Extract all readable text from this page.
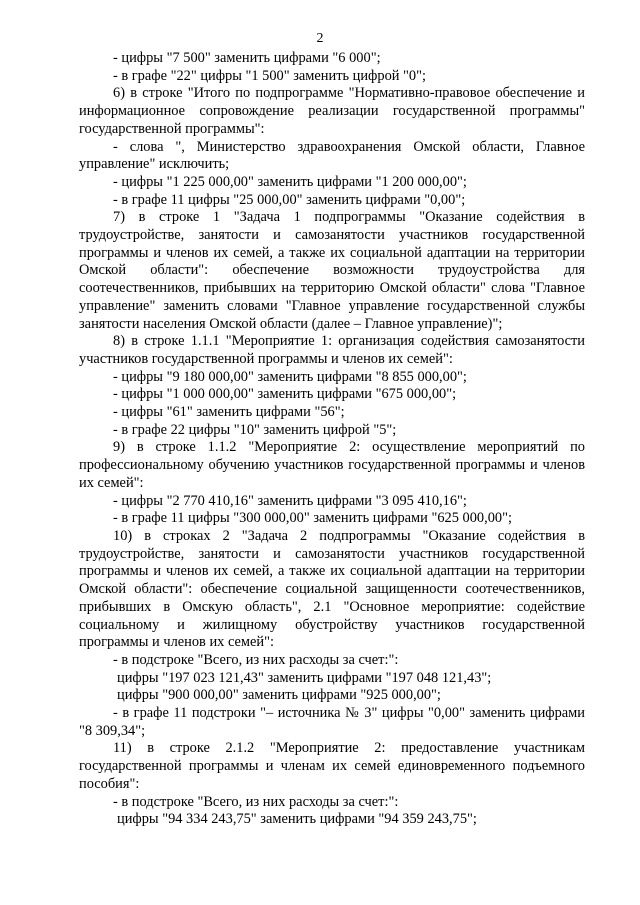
2

- цифры "7 500" заменить цифрами "6 000";

- в графе "22" цифры "1 500" заменить цифрой "0";

6) в строке "Итого по подпрограмме "Нормативно-правовое обеспечение и информационное сопровождение реализации государственной программы" государственной программы":

- слова ", Министерство здравоохранения Омской области, Главное управление" исключить;

- цифры "1 225 000,00" заменить цифрами "1 200 000,00";

- в графе 11 цифры "25 000,00" заменить цифрами "0,00";

7) в строке 1 "Задача 1 подпрограммы "Оказание содействия в трудоустройстве, занятости и самозанятости участников государственной программы и членов их семей, а также их социальной адаптации на территории Омской области": обеспечение возможности трудоустройства для соотечественников, прибывших на территорию Омской области" слова "Главное управление" заменить словами "Главное управление государственной службы занятости населения Омской области (далее – Главное управление)";

8) в строке 1.1.1 "Мероприятие 1: организация содействия самозанятости участников государственной программы и членов их семей":

- цифры "9 180 000,00" заменить цифрами "8 855 000,00";

- цифры "1 000 000,00" заменить цифрами "675 000,00";

- цифры "61" заменить цифрами "56";

- в графе 22 цифры "10" заменить цифрой "5";

9) в строке 1.1.2 "Мероприятие 2: осуществление мероприятий по профессиональному обучению участников государственной программы и членов их семей":

- цифры "2 770 410,16" заменить цифрами "3 095 410,16";

- в графе 11 цифры "300 000,00" заменить цифрами "625 000,00";

10) в строках 2 "Задача 2 подпрограммы "Оказание содействия в трудоустройстве, занятости и самозанятости участников государственной программы и членов их семей, а также их социальной адаптации на территории Омской области": обеспечение социальной защищенности соотечественников, прибывших в Омскую область", 2.1 "Основное мероприятие: содействие социальному и жилищному обустройству участников государственной программы и членов их семей":

- в подстроке "Всего, из них расходы за счет:":

цифры "197 023 121,43" заменить цифрами "197 048 121,43";

цифры "900 000,00" заменить цифрами "925 000,00";

- в графе 11 подстроки "– источника № 3" цифры "0,00" заменить цифрами "8 309,34";

11) в строке 2.1.2 "Мероприятие 2: предоставление участникам государственной программы и членам их семей единовременного подъемного пособия":

- в подстроке "Всего, из них расходы за счет:":

цифры "94 334 243,75" заменить цифрами "94 359 243,75";
